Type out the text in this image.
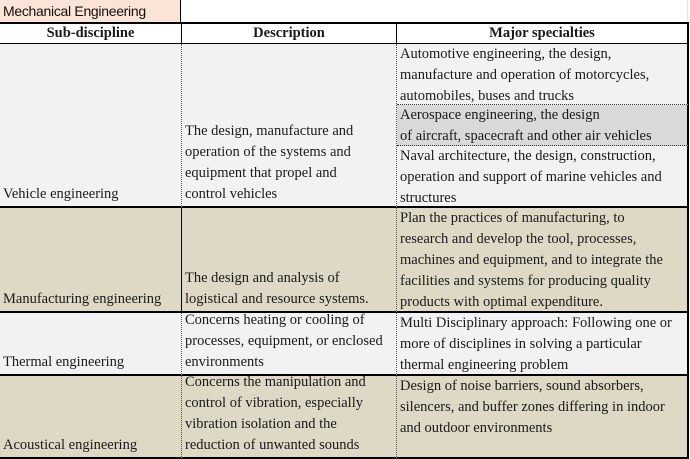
Mechanical Engineering
Sub-discipline	Description	Major specialties
Vehicle engineering
The design, manufacture and
operation of the systems and
equipment that propel and
control vehicles
Automotive engineering, the design,
manufacture and operation of motorcycles,
automobiles, buses and trucks
Aerospace engineering, the design
of aircraft, spacecraft and other air vehicles
Naval architecture, the design, construction,
operation and support of marine vehicles and
structures
Manufacturing engineering
The design and analysis of
logistical and resource systems.
Plan the practices of manufacturing, to
research and develop the tool, processes,
machines and equipment, and to integrate the
facilities and systems for producing quality
products with optimal expenditure.
Thermal engineering
Concerns heating or cooling of
processes, equipment, or enclosed
environments
Multi Disciplinary approach: Following one or
more of disciplines in solving a particular
thermal engineering problem
Acoustical engineering
Concerns the manipulation and
control of vibration, especially
vibration isolation and the
reduction of unwanted sounds
Design of noise barriers, sound absorbers,
silencers, and buffer zones differing in indoor
and outdoor environments
